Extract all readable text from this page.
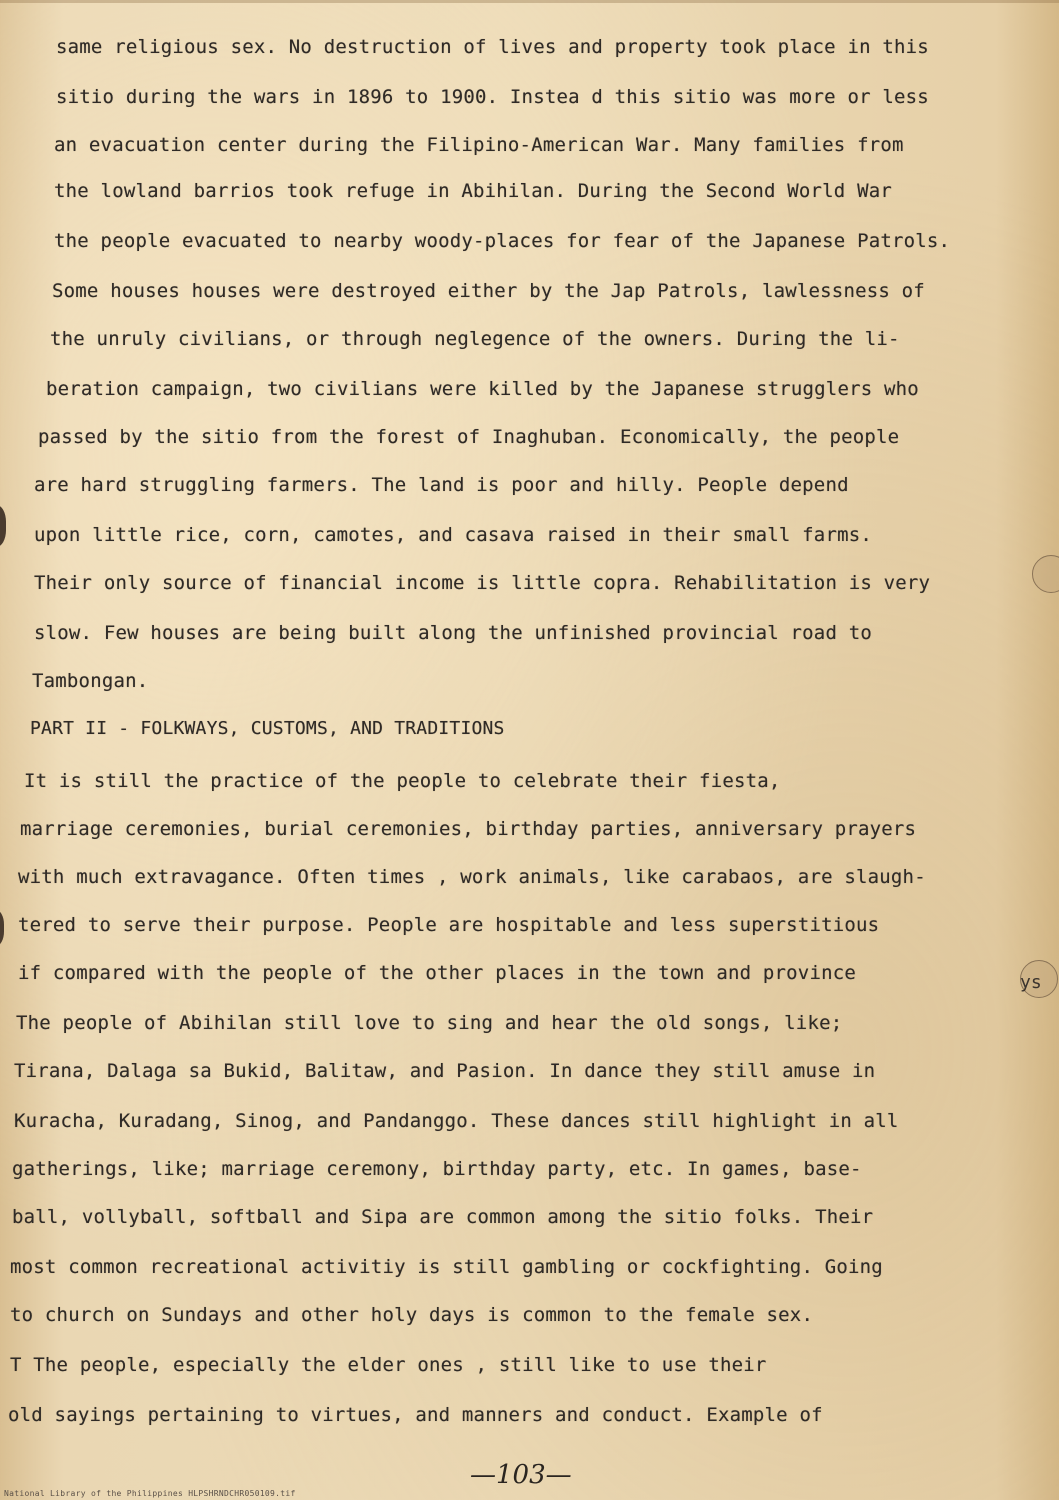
same religious sex. No destruction of lives and property took place in this
sitio during the wars in 1896 to 1900. Instea d this sitio was more or less
an evacuation center during the Filipino-American War. Many families from
the lowland barrios took refuge in Abihilan. During the Second World War
the people evacuated to nearby woody-places for fear of the Japanese Patrols.
Some houses houses were destroyed either by the Jap Patrols, lawlessness of
the unruly civilians, or through neglegence of the owners. During the li-
beration campaign, two civilians were killed by the Japanese strugglers who
passed by the sitio from the forest of Inaghuban. Economically, the people
are hard struggling farmers. The land is poor and hilly. People depend
upon little rice, corn, camotes, and casava raised in their small farms.
Their only source of financial income is little copra. Rehabilitation is very
slow. Few houses are being built along the unfinished provincial road to
Tambongan.
PART II - FOLKWAYS, CUSTOMS, AND TRADITIONS
It is still the practice of the people to celebrate their fiesta,
marriage ceremonies, burial ceremonies, birthday parties, anniversary prayers
with much extravagance. Often times , work animals, like carabaos, are slaugh-
tered to serve their purpose. People are hospitable and less superstitious
if compared with the people of the other places in the town and province
The people of Abihilan still love to sing and hear the old songs, like;
Tirana, Dalaga sa Bukid, Balitaw, and Pasion. In dance they still amuse in
Kuracha, Kuradang, Sinog, and Pandanggo. These dances still highlight in all
gatherings, like; marriage ceremony, birthday party, etc. In games, base-
ball, vollyball, softball and Sipa are common among the sitio folks. Their
most common recreational activitiy is still gambling or cockfighting. Going
to church on Sundays and other holy days is common to the female sex.
T The people, especially the elder ones , still like to use their
old sayings pertaining to virtues, and manners and conduct. Example of
ys
—103—
National Library of the Philippines HLPSHRNDCHR050109.tif
